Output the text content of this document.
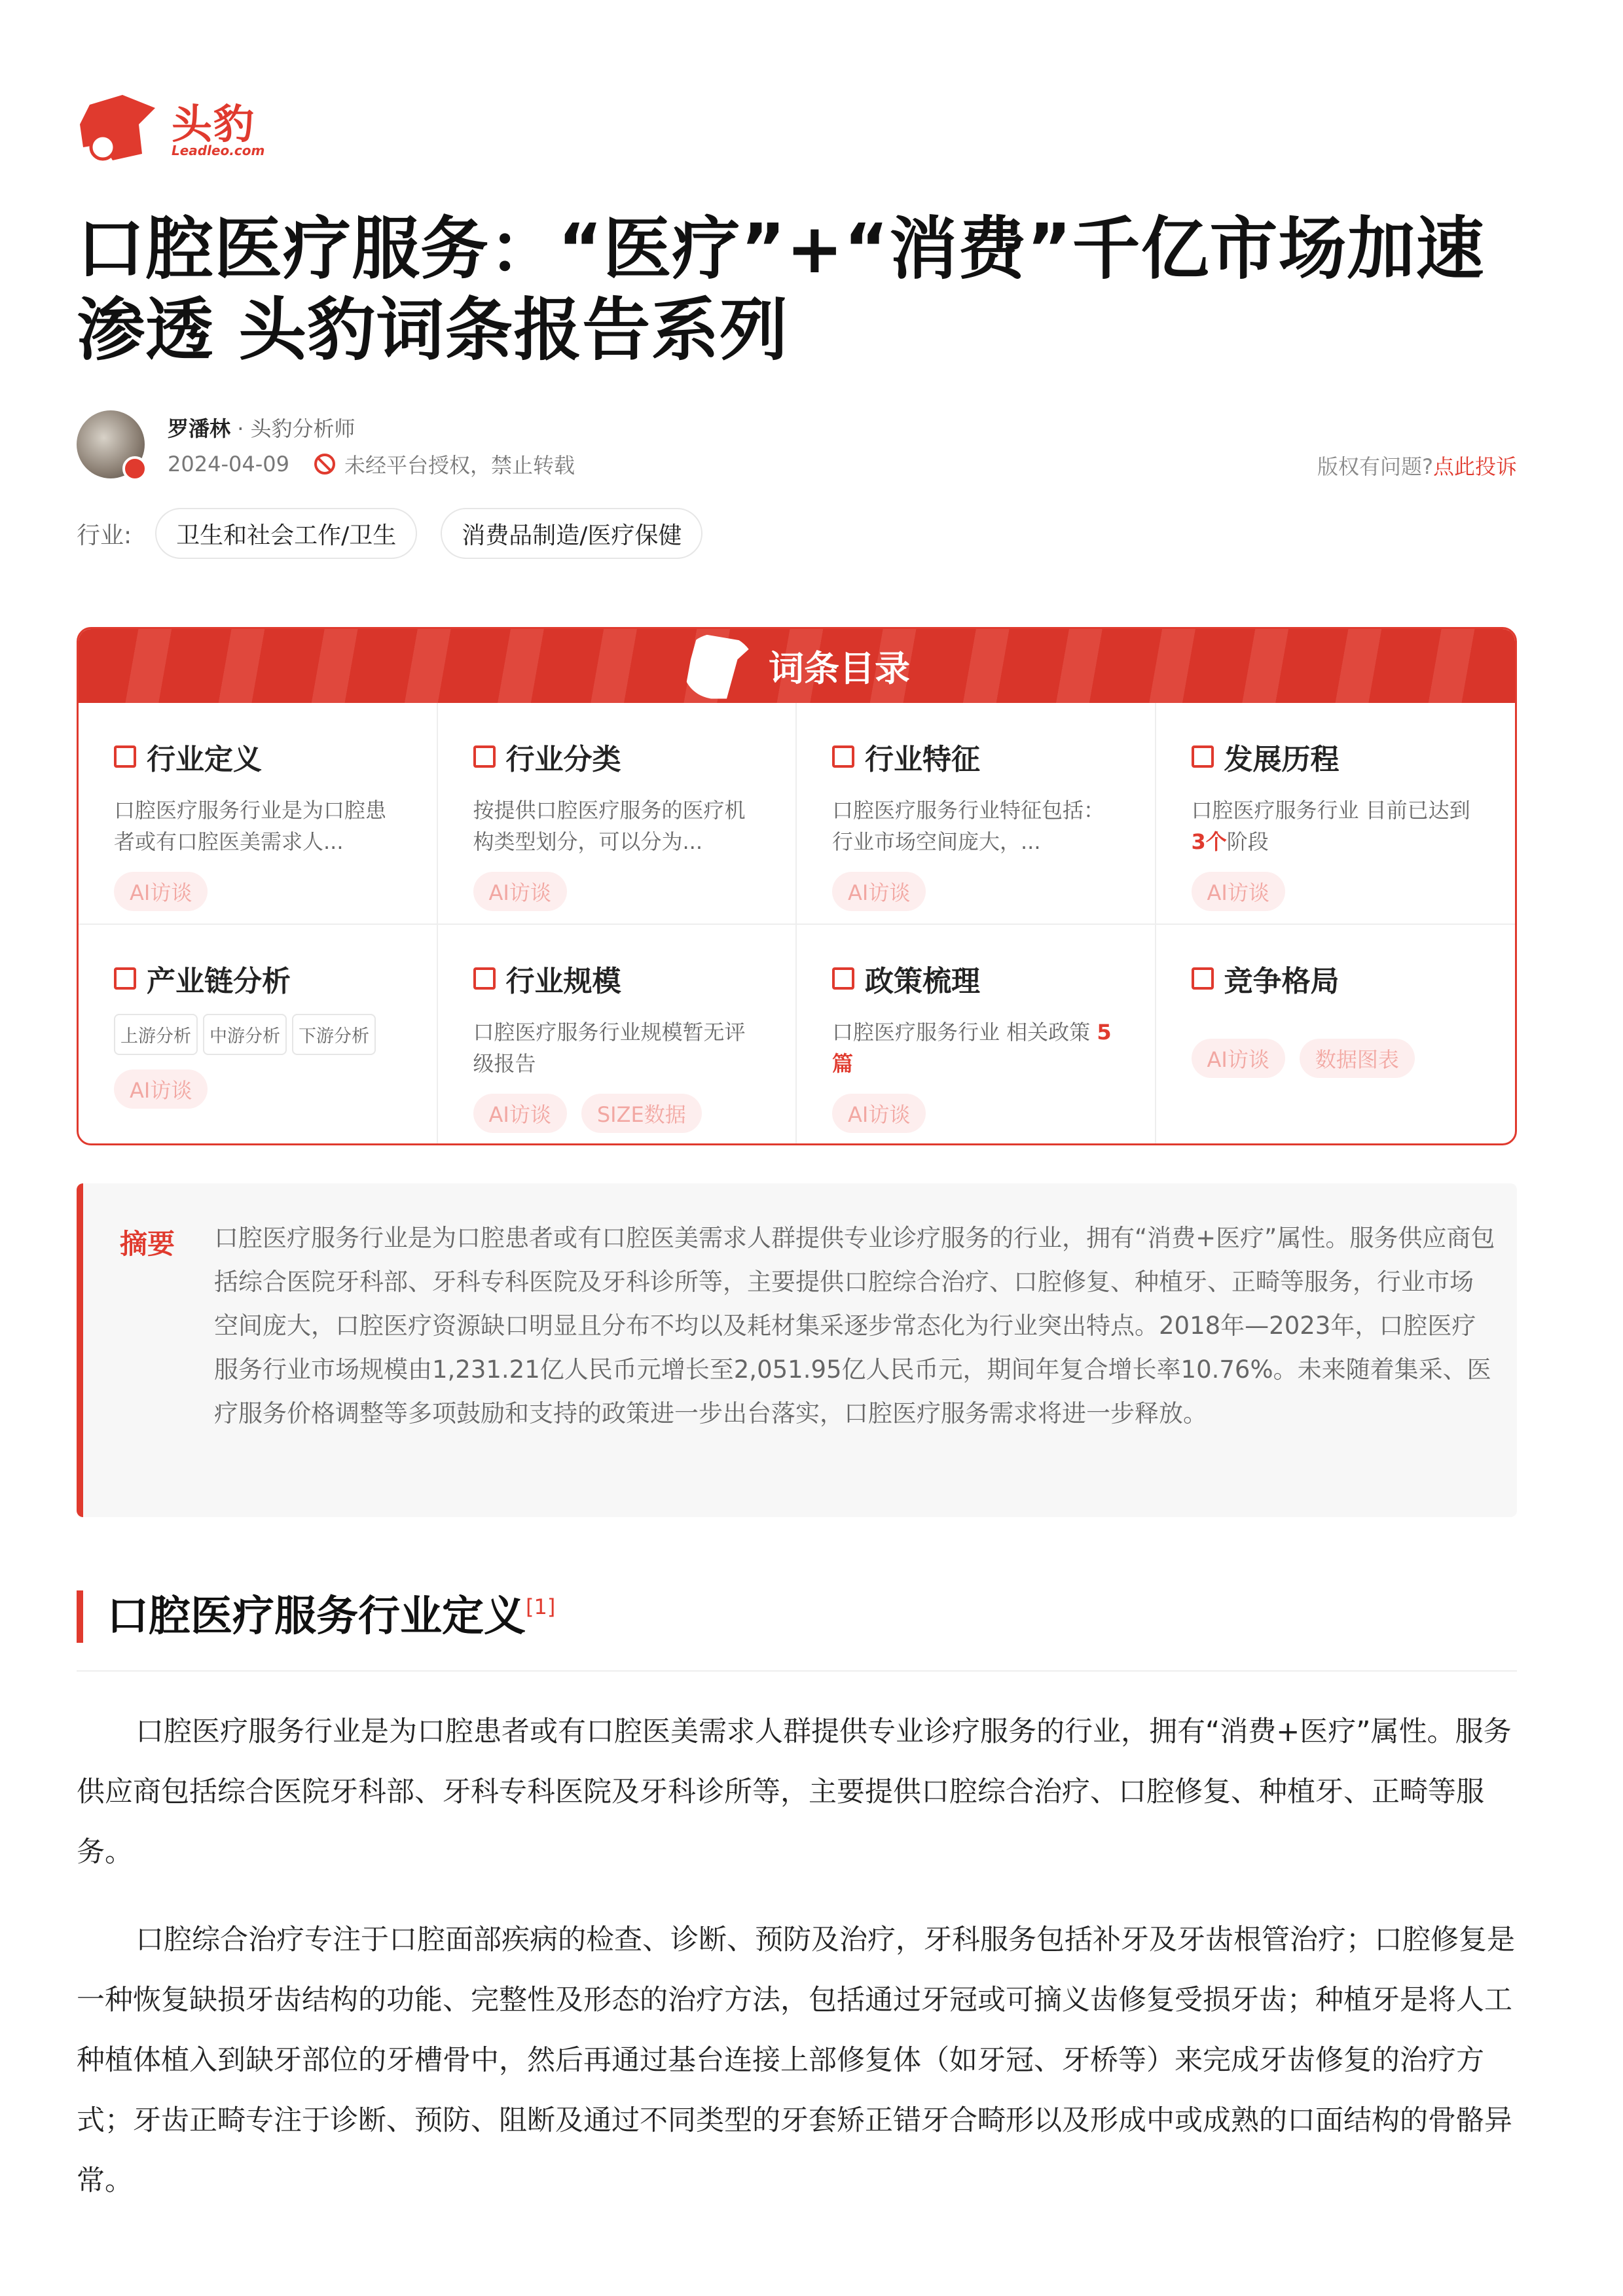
头豹
Leadleo.com
口腔医疗服务：“医疗”+“消费”千亿市场加速渗透 头豹词条报告系列
罗潘林 · 头豹分析师
2024-04-09	未经平台授权，禁止转载	版权有问题?点此投诉
行业:	卫生和社会工作/卫生	消费品制造/医疗保健
词条目录
行业定义
口腔医疗服务行业是为口腔患者或有口腔医美需求人...
AI访谈
行业分类
按提供口腔医疗服务的医疗机构类型划分，可以分为...
AI访谈
行业特征
口腔医疗服务行业特征包括：行业市场空间庞大，...
AI访谈
发展历程
口腔医疗服务行业 目前已达到 3个阶段
AI访谈
产业链分析
上游分析	中游分析	下游分析
AI访谈
行业规模
口腔医疗服务行业规模暂无评级报告
AI访谈	SIZE数据
政策梳理
口腔医疗服务行业 相关政策 5篇
AI访谈
竞争格局
AI访谈	数据图表
摘要 口腔医疗服务行业是为口腔患者或有口腔医美需求人群提供专业诊疗服务的行业，拥有“消费+医疗”属性。服务供应商包括综合医院牙科部、牙科专科医院及牙科诊所等，主要提供口腔综合治疗、口腔修复、种植牙、正畸等服务，行业市场空间庞大，口腔医疗资源缺口明显且分布不均以及耗材集采逐步常态化为行业突出特点。2018年—2023年，口腔医疗服务行业市场规模由1,231.21亿人民币元增长至2,051.95亿人民币元，期间年复合增长率10.76%。未来随着集采、医疗服务价格调整等多项鼓励和支持的政策进一步出台落实，口腔医疗服务需求将进一步释放。

口腔医疗服务行业定义[1]

口腔医疗服务行业是为口腔患者或有口腔医美需求人群提供专业诊疗服务的行业，拥有“消费+医疗”属性。服务供应商包括综合医院牙科部、牙科专科医院及牙科诊所等，主要提供口腔综合治疗、口腔修复、种植牙、正畸等服务。

口腔综合治疗专注于口腔面部疾病的检查、诊断、预防及治疗，牙科服务包括补牙及牙齿根管治疗；口腔修复是一种恢复缺损牙齿结构的功能、完整性及形态的治疗方法，包括通过牙冠或可摘义齿修复受损牙齿；种植牙是将人工种植体植入到缺牙部位的牙槽骨中，然后再通过基台连接上部修复体（如牙冠、牙桥等）来完成牙齿修复的治疗方式；牙齿正畸专注于诊断、预防、阻断及通过不同类型的牙套矫正错牙合畸形以及形成中或成熟的口面结构的骨骼异常。
